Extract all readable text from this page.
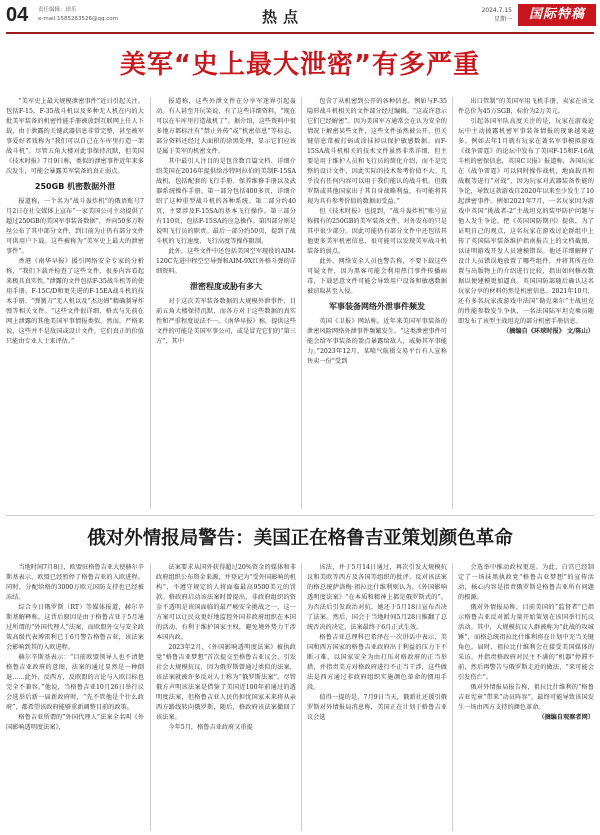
04 责任编辑：徐乐
e-mail:1585263526@qq.com	热点	2024.7.15
星期一	国际特稿
美军“史上最大泄密”有多严重

“美军史上最大规模泄密事件”近日引起关注。包括F-15、F-35战斗机以及多种无人机在内的大批美军装备的机密性能手册被放到互联网上任人下载，由于泄露的关键武器信息非常完整，甚至被军事爱好者戏称为“我们可以自己在车库里打造一架战斗机”。尽管五角大楼对此事保持沉默，但美国《技术时报》7月9日称，类似的泄密事件近年来多次发生，可能会暴露美军装备的真正弱点。

250GB 机密数据外泄

报道称，一个名为“战斗轰炸机”的俄语账号7月2日在社交媒体上宣布“一家美国公司主动提供了超过250GB的美国军事装备数据”，并向50多万粉丝公布了其中部分文件，到目前为止仍有部分文件可供用户下载。这些被称为“美军史上最大的泄密事件”。

香港《南华早报》援引网络安全专家的分析称，“我们下载并检查了这些文件，很多内容看起来极具真实性。”泄露的文件包括F-35战斗机等的使用手册、F-15C/D和更先进的F-15EA战斗机的技术手册、“弹簧刀”无人机以及“杰达姆”精确制导炸弹等相关文件。“这些文件很详细，格式与先前在网上泄露的其他美国军事情报类似。然而，严格来说，这些并不是敌国或设计文件，它们真正的价值只能由专业人士来评估。”

报道称，这些外泄文件在分享军迷界引起轰动。有人甚至开玩笑说，有了这些详细资料，“现在可以在车库里打造战机了”。据介绍，这些资料中很多地方都标注有“禁止外传”或“机密信息”等标志，部分资料还经过大面积的涂黑处理，显示它们应该是属于美军的机密文件。

其中最引人注目的是包含数百篇文档、详细介绍美国在2016年提供给沙特阿拉伯的美制F-15SA战机，包括配套的飞行手册、保养维修手册以及武器系统操作手册。第一部分包括400多页，详细介绍了这种重型战斗机的各种系统。第二部分约40页，主要涉及F-15SA的基本飞行操作。第三部分有110页，包括F-15SA的应急操作。第四部分则是说明飞行员的职责。最后一部分约50页，提到了战斗机的飞行速度、飞行高度等操作限制。

此外，这些文件中还包括美国空军现役的AIM-120C先进中程空空导弹和AIM-9X红外格斗弹的详细资料。

泄密程度或胁有多大

对于这次美军装备数据的大规模外泄事件，目前五角大楼保持沉默，而各方对于这些数据的真实性和严重程度说法不一。《南华早报》称，提供这些文件的可能是美国军事公司，或是冒充它们的“第三方”，其中

包含了从机密到公开的各种信息。例如与F-35隐形战斗机相关的文件部分经过编辑。“这或许意示它们已经解密”。因为美国军方通常会在认为安全的情况下解密某些文件，这些文件虽然被公开，但关键信息常被打码或涂抹掉以保护敏感数据。而F-15SA战斗机相关的技术文件虽然非常详细，但主要是用于维护人员和飞行员的简化介绍，而不是完整的设计文件，因此实际的技术参考价值不大。几乎没有任何内容可以用于我们能认的战斗机。但俄罗斯或其他国家出于其自身战略利益，有可能将其视为具有参考价值的数据而受益。”

但《技术时报》也提到，“战斗轰炸机”账号宣称拥有的250GB的美军装备文件，对外发布的只是其中很少部分。因此可能仍有部分文件中还包括其他更多美军机密信息，很可能可以发现美军战斗机装备的弱点。

此外，网络安全人员也警告称，不要下载这些可疑文件，因为黑客可能会利用热门事件传播病毒，下载恶意文件可能会导致用户设备和敏感数据被窃取甚至入侵。

军事装备网络外泄事件频发

英国《卫报》网站称，近年来美国军事装备的泄密风险网络外泄事件频繁发生。“这类泄密事件可能会给军事装备的盈点暴露给敌人，威胁其军事能力。”2023年12月，某喷气航摄交易平台有人宣称售卖一份”受到

出口管制”的美国军用飞机手册，卖家在该文件总价为45万SGB，标价为2万美元。

引起各国军队高度关注的是，玩家在游戏论坛中主动披露机密军事装备情报的现象越来越多。例如去年1月就有玩家在著名军事模拟游戏《战争雷霆》的论坛中发布了美国F-15和F-16战斗机的密保信息，英国C卫报》报道称，各国玩家在《战争雷霆》可以同时操作战机、地面载具和战舰等进行“对战”，因为玩家对武器装备性能的争论，导致这款游戏自2020年以来至少发生了10起泄密事件。例如2021年7月，一名玩家因为游戏中英国“挑战者-2”主战坦克的装甲防护问题与他人发生争论，把《英国国防期刊》提供，为了证明自己的观点，这名玩家在游戏讨论群组中上传了英国陆军装备维护指南报告上的文档截图，以证明游戏开发人员建模错误。他还详细解释了设计人员错误地放置了哪些组件，并将其所在位置与出版物上的介绍进行比较，指出如何修改数据以便建模更加逼真。英国国防部随后确认这名玩家分享的材料仍然是机密信息。2021年10月，还有多名玩家波游戏中法国“勒克莱尔”主战坦克的性能参数发生争执，一名法国陆军坦克乘员随即发布了该型主战坦克的部分机密手册信息。

（摘编自《环球时报》 文/陈山）
俄对外情报局警告：美国正在格鲁吉亚策划颜色革命

当地时间7月8日，欧盟驻格鲁吉亚大使赫尔辛斯基表示，欧盟已经暂停了格鲁吉亚的入欧进程。同时，分配给格的3000万欧元国防支持也已经被冻结。

综合今日俄罗斯（RT）等媒体报道，赫尔辛斯基解释称，这背后原因是由于格鲁吉亚于5月通过所谓的“外国代理人”法案，而欧盟外交与安全政策高级代表博雷利已于6月警告格鲁吉亚，该法案会影响到其的入欧进程。

赫尔辛斯基表示：“目前欧盟领导人也不清楚格鲁吉亚政府的意图，法案的通过显然是一种倒退……此外，反西方，反欧盟的言论与入欧目标也完全不兼容。”他说，当格鲁吉亚10月26日举行议会选举后新一届新政府时，“先不管他是个什么政府”，都希望该政府能够重新调整目前的政策。

格鲁吉亚所谓的“外国代理人”法案全名叫《外国影响透明度法案》，

法案要求从国外获得超过20%资金的媒体和非政府组织公布资金来源，并登记为“受外国影响的机构”，不遵守规定的人将面临最高9500美元的罚款。格政府启动该法案时曾提出，非政府组织的资金不透明是该国面临的最严峻安全挑战之一，这一方案可以让民众更好地监控外国非政府组织在本国的活动，有利于维护国家主权，避免境外势力干涉本国内政。

2023年2月，《外国影响透明度法案》被执政党“格鲁吉亚梦想”首次提交至格鲁吉亚议会，引发社会大规模抗议，因为俄罗斯曾通过类似的法案，该法案就被许多反对人士称为“俄罗斯法案”。尽管俄方声明该法案是借鉴了美国近100年前通过的透明度法案，但格鲁吉亚人民仍担忧国家未来将从亲西方路线转向俄罗斯，随后，格政府该法案撤回了该法案。

今年5月，格鲁吉亚政府又重提

该法，并于5月14日通过，再次引发大规模抗议和美欧等西方及各国等组织的批评。反对该法案的格总统萨洛梅·祖拉比什维利则认为，《外国影响透明度法案》“在本质和精神上都是俄罗斯式的”。为否法后引发政治对抗，她还于5月18日宣布否决了法案。然后，国会于当地时间5月28日推翻了总统否决的决定，法案最终于6月正式生效。

格鲁吉亚总理科巴希泽在一次讲话中表示，美国和西方国家的格鲁吉亚政府出于利益的压力下不断刁难，以国家安全为由打压对格政府的正当举措，并指责美方对格政府进行不正当干涉，这些做法是西方通过非政府组织实施颜色革命的惯用手段。

值得一提的是，7月9日当天，俄新社还援引俄罗斯对外情报局消息称，美国正在计划于格鲁吉亚议会选

会选举中推动政权更迭。为此，白宫已经制定了一场抹黑执政党“格鲁吉亚梦想”的宣传活动，核心内容是指责俄罗斯是格鲁吉亚所有问题的根源。

俄对外情报局称，目前美国的“监督者”已指示格鲁吉亚反对派力量开始策划在该国举行抗议活动。其中，大规模抗议人群被称为“此战的攻城锤”，而格总统祖拉比什维利将在计划中充当关键角色。届时，祖拉比什维利会在接受美国媒体的采访，并指责格政府对民主不满的“机器”停滞不前，然后再警告与俄罗斯走近的做法，“来可能会引发伤亡”。

俄对外情报局报告称，祖拉比什维利的“格鲁吉亚宪章”带来“动员阵容”，最终可能导致该国发生一场由西方支持的颜色革命。

（摘编自观察者网）
